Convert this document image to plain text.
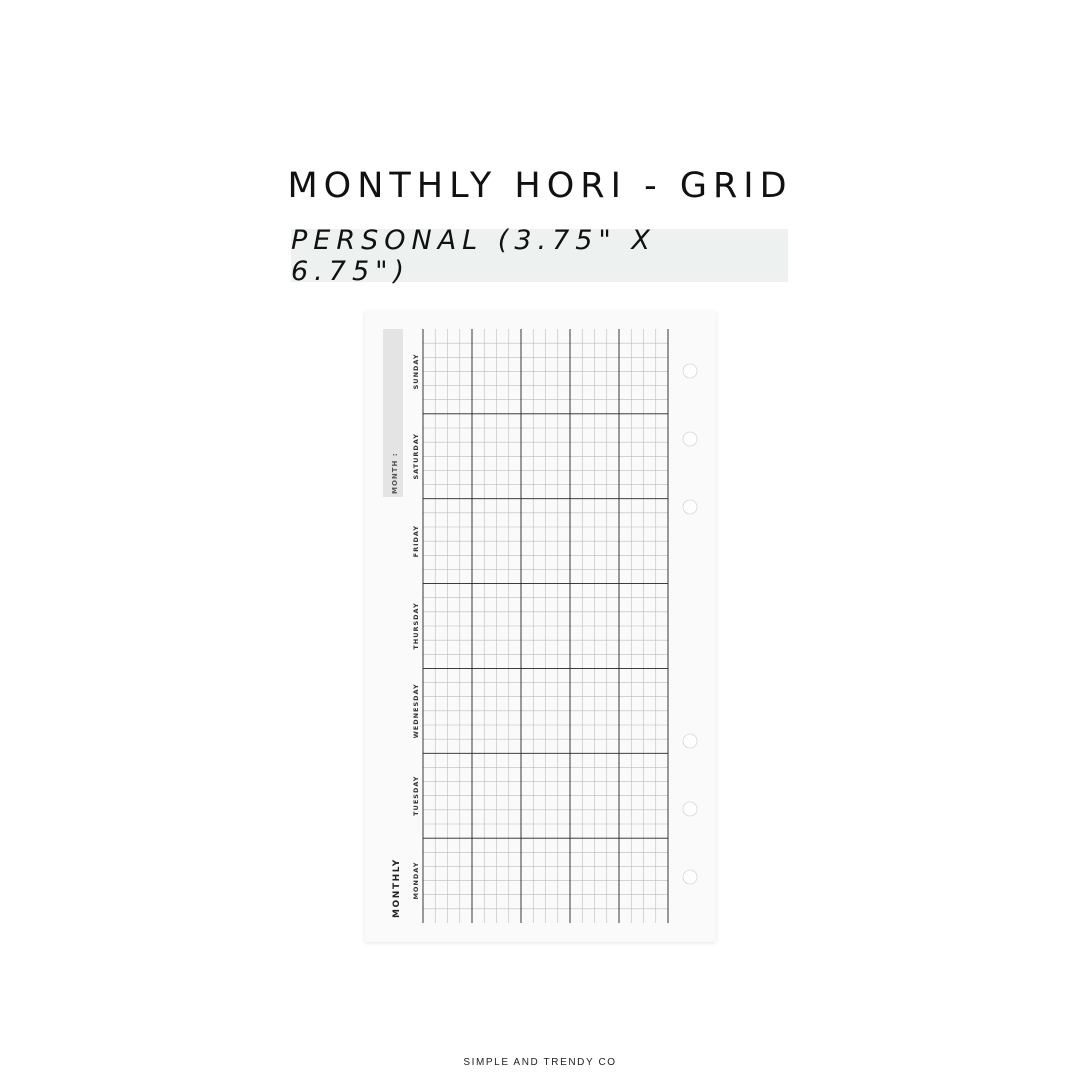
MONTHLY HORI - GRID
PERSONAL (3.75" X 6.75")
MONTH :
MONTHLY
SUNDAY
SATURDAY
FRIDAY
THURSDAY
WEDNESDAY
TUESDAY
MONDAY
SIMPLE AND TRENDY CO
